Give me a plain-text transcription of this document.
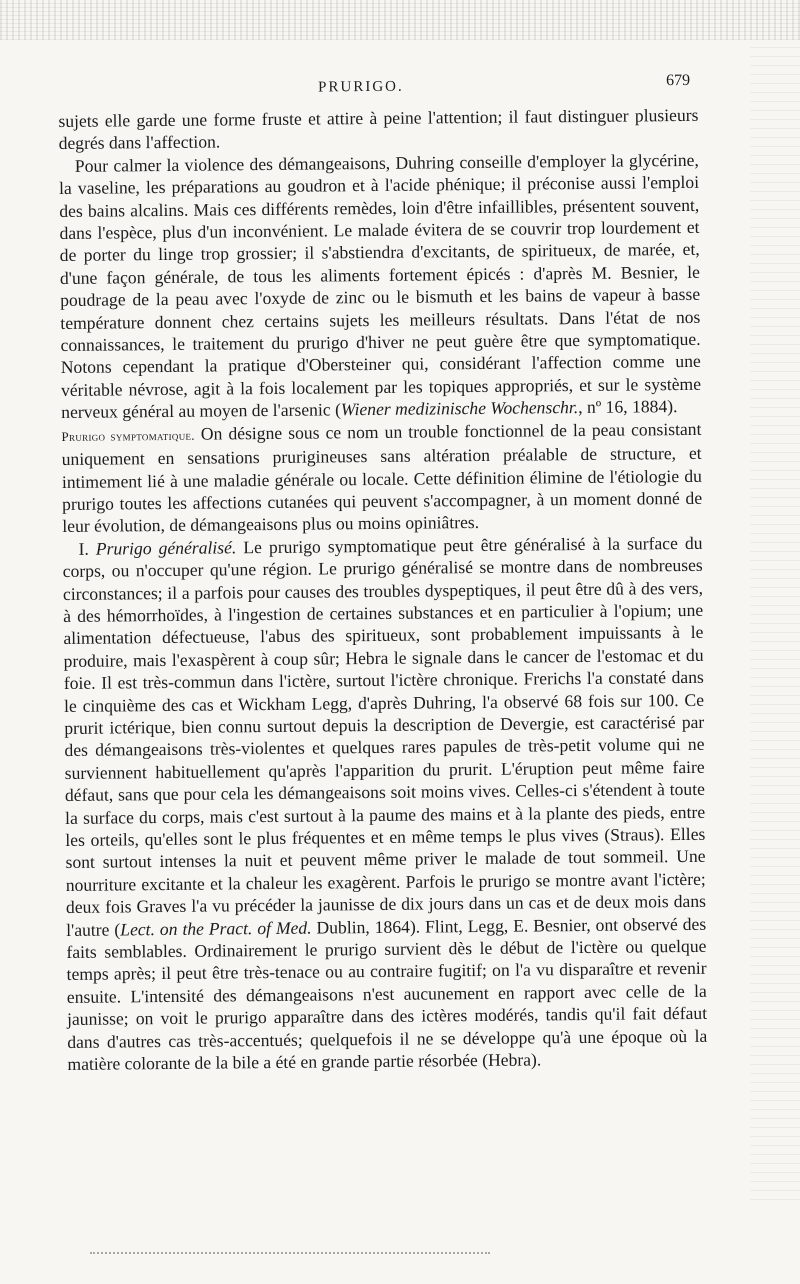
PRURIGO.	679

sujets elle garde une forme fruste et attire à peine l'attention; il faut distinguer plusieurs degrés dans l'affection.

Pour calmer la violence des démangeaisons, Duhring conseille d'employer la glycérine, la vaseline, les préparations au goudron et à l'acide phénique; il préconise aussi l'emploi des bains alcalins. Mais ces différents remèdes, loin d'être infaillibles, présentent souvent, dans l'espèce, plus d'un inconvénient. Le malade évitera de se couvrir trop lourdement et de porter du linge trop grossier; il s'abstiendra d'excitants, de spiritueux, de marée, et, d'une façon générale, de tous les aliments fortement épicés : d'après M. Besnier, le poudrage de la peau avec l'oxyde de zinc ou le bismuth et les bains de vapeur à basse température donnent chez certains sujets les meilleurs résultats. Dans l'état de nos connaissances, le traitement du prurigo d'hiver ne peut guère être que symptomatique. Notons cependant la pratique d'Obersteiner qui, considérant l'affection comme une véritable névrose, agit à la fois localement par les topiques appropriés, et sur le système nerveux général au moyen de l'arsenic (Wiener medizinische Wochenschr., nº 16, 1884).

Prurigo symptomatique. On désigne sous ce nom un trouble fonctionnel de la peau consistant uniquement en sensations prurigineuses sans altération préalable de structure, et intimement lié à une maladie générale ou locale. Cette définition élimine de l'étiologie du prurigo toutes les affections cutanées qui peuvent s'accompagner, à un moment donné de leur évolution, de démangeaisons plus ou moins opiniâtres.

I. Prurigo généralisé. Le prurigo symptomatique peut être généralisé à la surface du corps, ou n'occuper qu'une région. Le prurigo généralisé se montre dans de nombreuses circonstances; il a parfois pour causes des troubles dyspeptiques, il peut être dû à des vers, à des hémorrhoïdes, à l'ingestion de certaines substances et en particulier à l'opium; une alimentation défectueuse, l'abus des spiritueux, sont probablement impuissants à le produire, mais l'exaspèrent à coup sûr; Hebra le signale dans le cancer de l'estomac et du foie. Il est très-commun dans l'ictère, surtout l'ictère chronique. Frerichs l'a constaté dans le cinquième des cas et Wickham Legg, d'après Duhring, l'a observé 68 fois sur 100. Ce prurit ictérique, bien connu surtout depuis la description de Devergie, est caractérisé par des démangeaisons très-violentes et quelques rares papules de très-petit volume qui ne surviennent habituellement qu'après l'apparition du prurit. L'éruption peut même faire défaut, sans que pour cela les démangeaisons soit moins vives. Celles-ci s'étendent à toute la surface du corps, mais c'est surtout à la paume des mains et à la plante des pieds, entre les orteils, qu'elles sont le plus fréquentes et en même temps le plus vives (Straus). Elles sont surtout intenses la nuit et peuvent même priver le malade de tout sommeil. Une nourriture excitante et la chaleur les exagèrent. Parfois le prurigo se montre avant l'ictère; deux fois Graves l'a vu précéder la jaunisse de dix jours dans un cas et de deux mois dans l'autre (Lect. on the Pract. of Med. Dublin, 1864). Flint, Legg, E. Besnier, ont observé des faits semblables. Ordinairement le prurigo survient dès le début de l'ictère ou quelque temps après; il peut être très-tenace ou au contraire fugitif; on l'a vu disparaître et revenir ensuite. L'intensité des démangeaisons n'est aucunement en rapport avec celle de la jaunisse; on voit le prurigo apparaître dans des ictères modérés, tandis qu'il fait défaut dans d'autres cas très-accentués; quelquefois il ne se développe qu'à une époque où la matière colorante de la bile a été en grande partie résorbée (Hebra).
